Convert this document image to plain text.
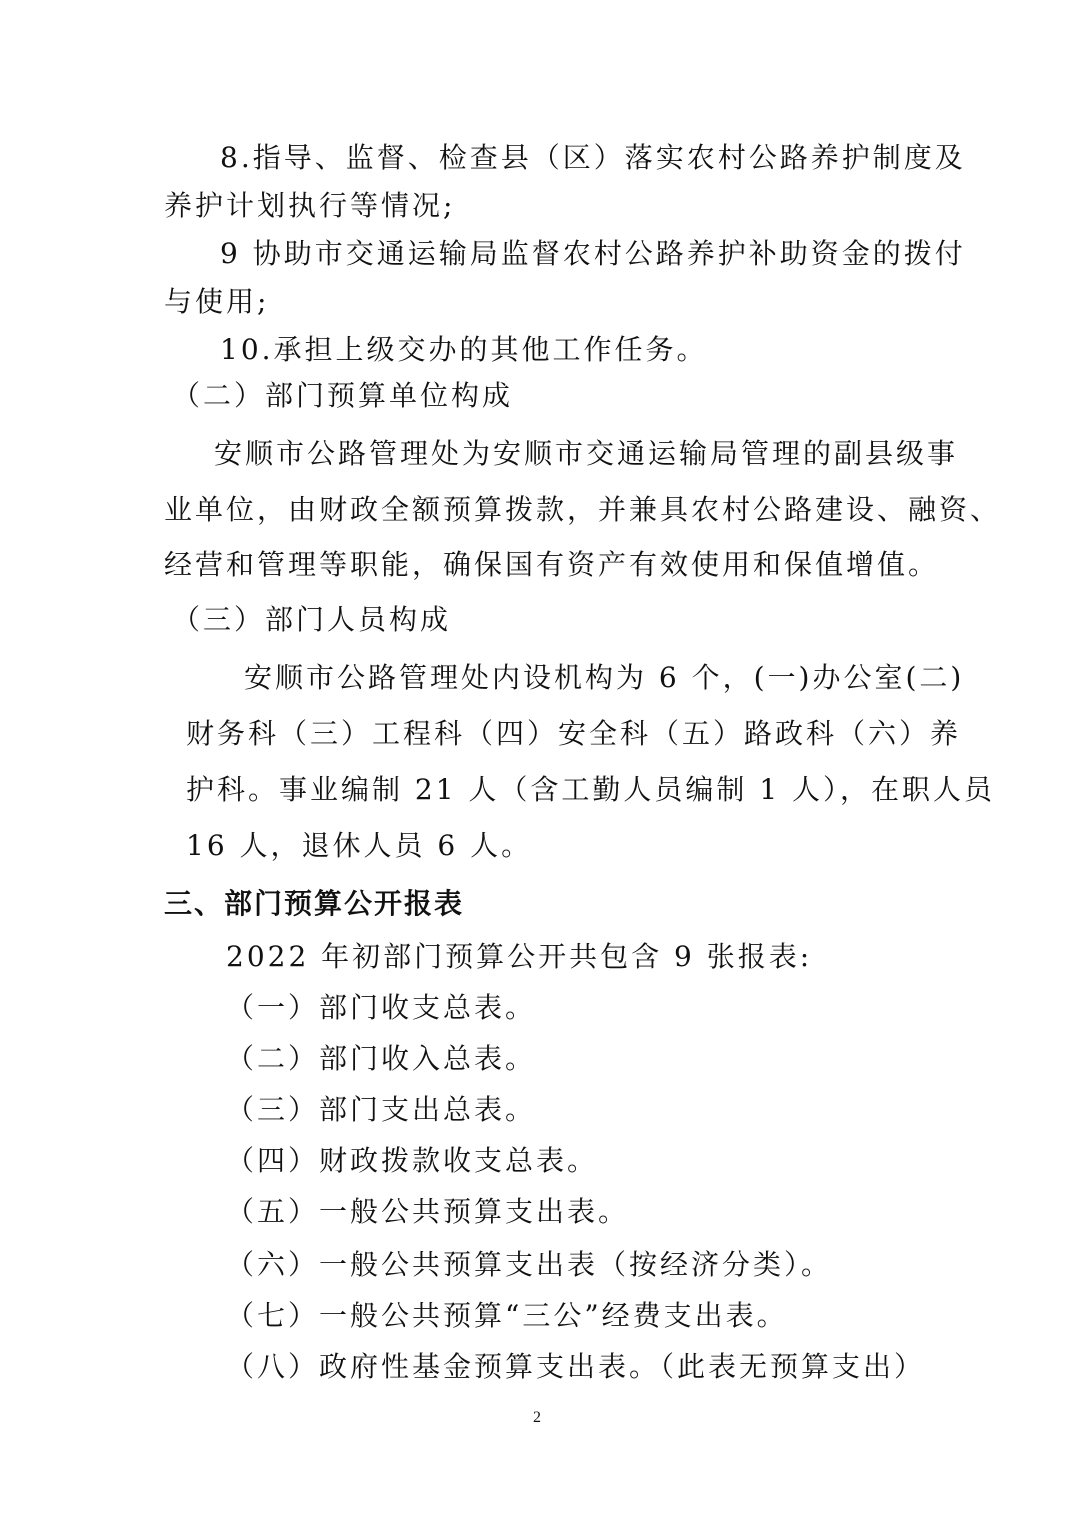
8.指导、监督、检查县（区）落实农村公路养护制度及
养护计划执行等情况;
9 协助市交通运输局监督农村公路养护补助资金的拨付
与使用;
10.承担上级交办的其他工作任务。
（二）部门预算单位构成
安顺市公路管理处为安顺市交通运输局管理的副县级事
业单位，由财政全额预算拨款，并兼具农村公路建设、融资、
经营和管理等职能，确保国有资产有效使用和保值增值。
（三）部门人员构成
安顺市公路管理处内设机构为 6 个，(一)办公室(二)
财务科（三）工程科（四）安全科（五）路政科（六）养
护科。事业编制 21 人（含工勤人员编制 1 人），在职人员
16 人，退休人员 6 人。
三、部门预算公开报表
2022 年初部门预算公开共包含 9 张报表:
（一）部门收支总表。
（二）部门收入总表。
（三）部门支出总表。
（四）财政拨款收支总表。
（五）一般公共预算支出表。
（六）一般公共预算支出表（按经济分类）。
（七）一般公共预算“三公”经费支出表。
（八）政府性基金预算支出表。（此表无预算支出）
2
